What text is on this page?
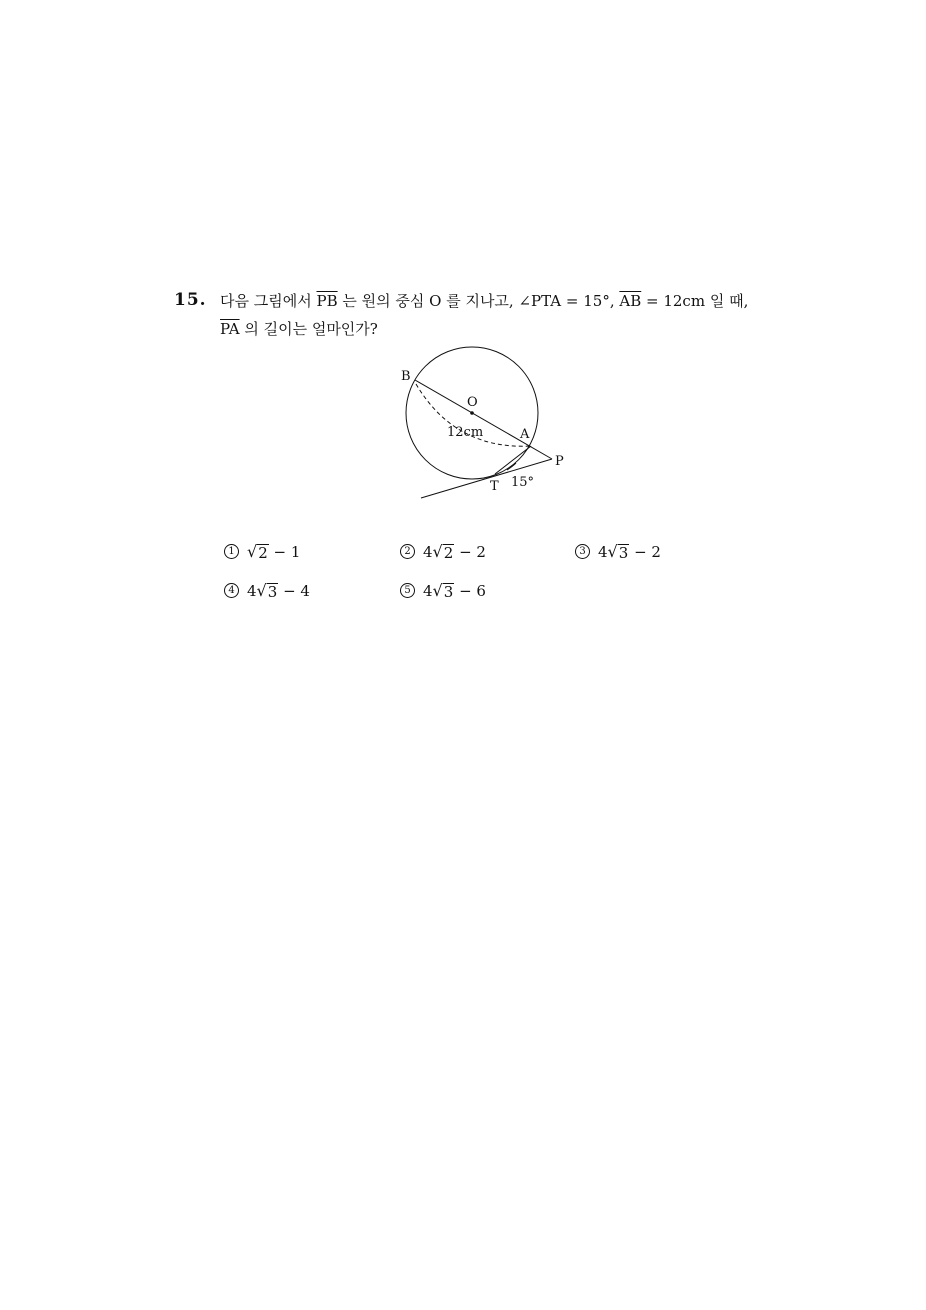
15. 다음 그림에서 $\overline{PB}$ 는 원의 중심 O 를 지나고, ∠PTA = 15°, $\overline{AB} = 12cm$ 일 때,
$\overline{PA}$ 의 길이는 얼마인가?
B
O
12cm	A
P
T 15°
1 √ 2 − 1	2 4 √ 2 − 2	3 4 √ 3 − 2
4 4 √ 3 − 4	5 4 √ 3 − 6
